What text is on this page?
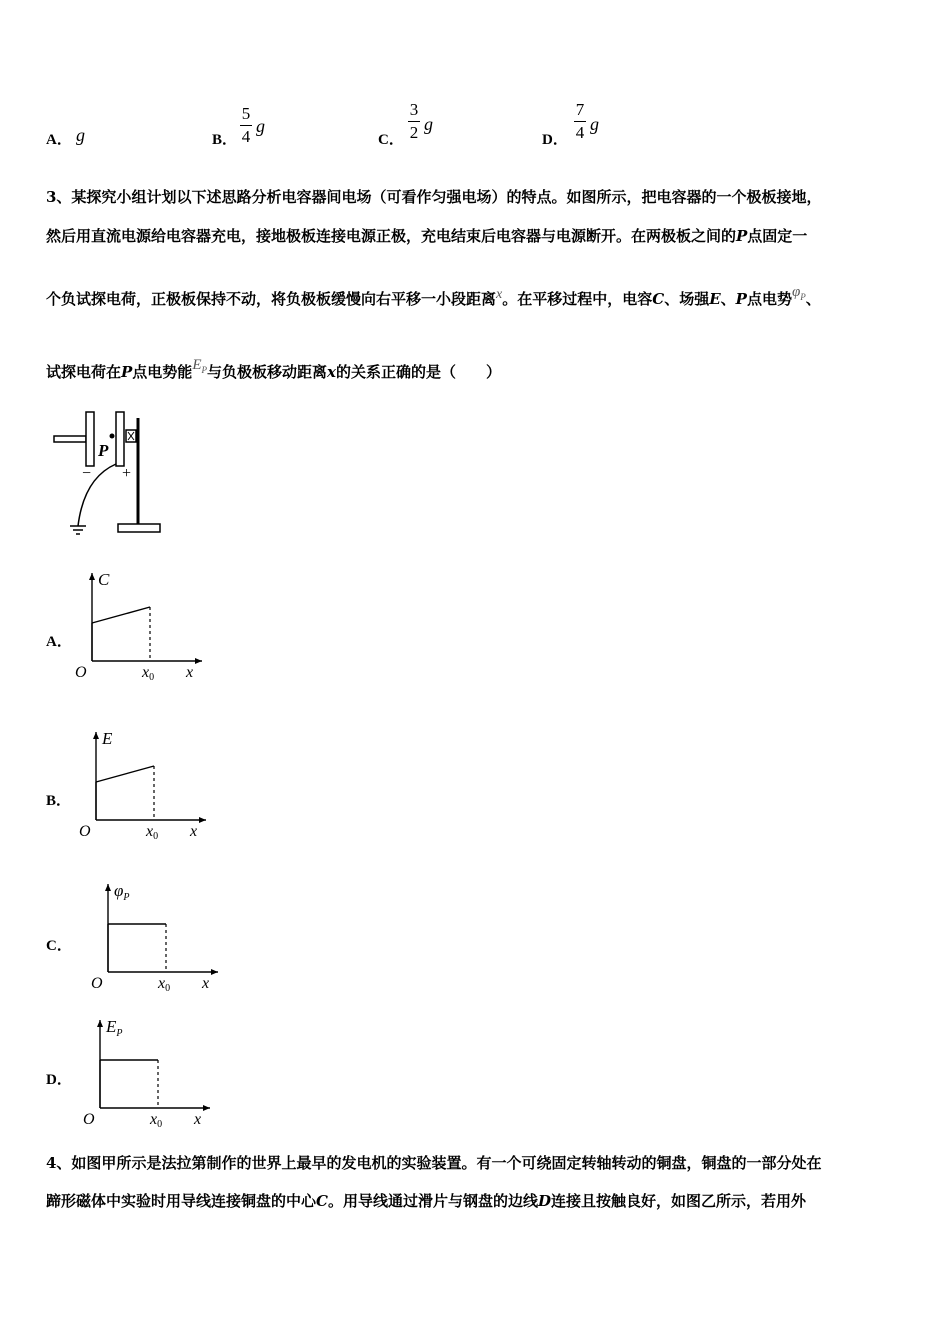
A． g	B．
5
4
g
C．
3
2 g
D．
7
4 g
3、某探究小组计划以下述思路分析电容器间电场（可看作匀强电场）的特点。如图所示，把电容器的一个极板接地，
然后用直流电源给电容器充电，接地极板连接电源正极，充电结束后电容器与电源断开。在两极板之间的P点固定一
个负试探电荷，正极板保持不动，将负极板缓慢向右平移一小段距离x。在平移过程中，电容C、场强E、P点电势$\varphi_P$、
试探电荷在P点电势能$E_P$与负极板移动距离x的关系正确的是（　　）
P
− +
A．
C
O	x0 x
B．
E
O	x0 x
C．
$\varphi_P$
O	x0 x
D．
$E_P$
O	x0 x
4、如图甲所示是法拉第制作的世界上最早的发电机的实验装置。有一个可绕固定转轴转动的铜盘，铜盘的一部分处在
蹄形磁体中实验时用导线连接铜盘的中心C。用导线通过滑片与钢盘的边线D连接且按触良好，如图乙所示，若用外
